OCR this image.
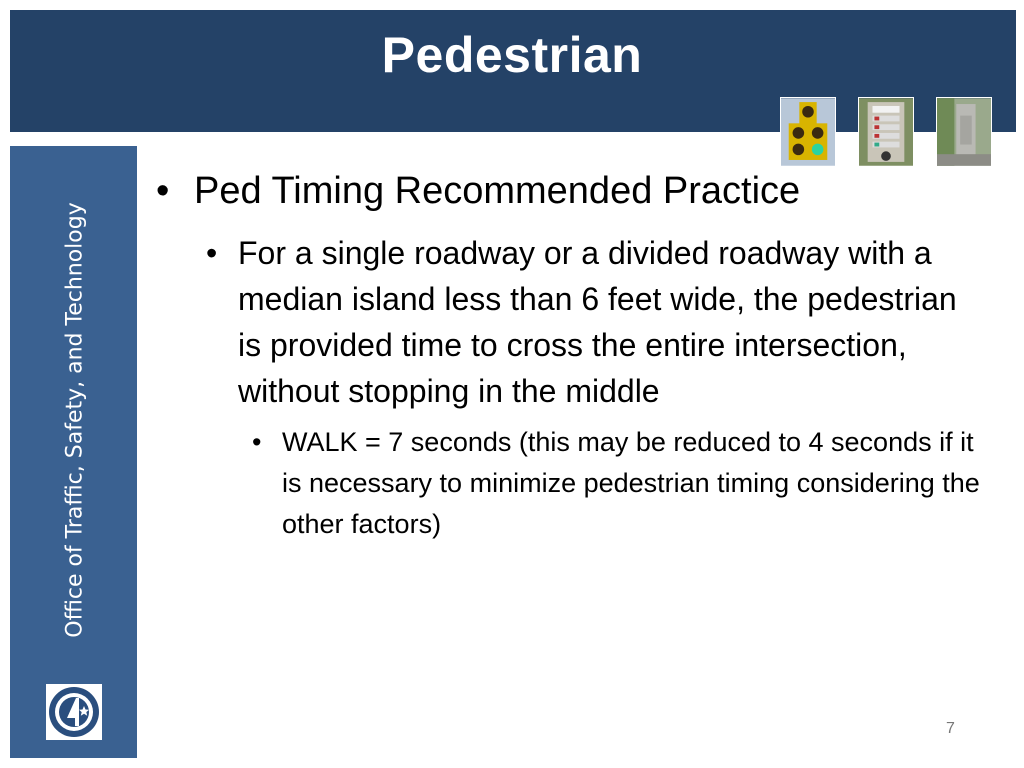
Pedestrian
Office of Traffic, Safety, and Technology
• Ped Timing Recommended Practice
• For a single roadway or a divided roadway with a median island less than 6 feet wide, the pedestrian is provided time to cross the entire intersection, without stopping in the middle
• WALK = 7 seconds (this may be reduced to 4 seconds if it is necessary to minimize pedestrian timing considering the other factors)
7
